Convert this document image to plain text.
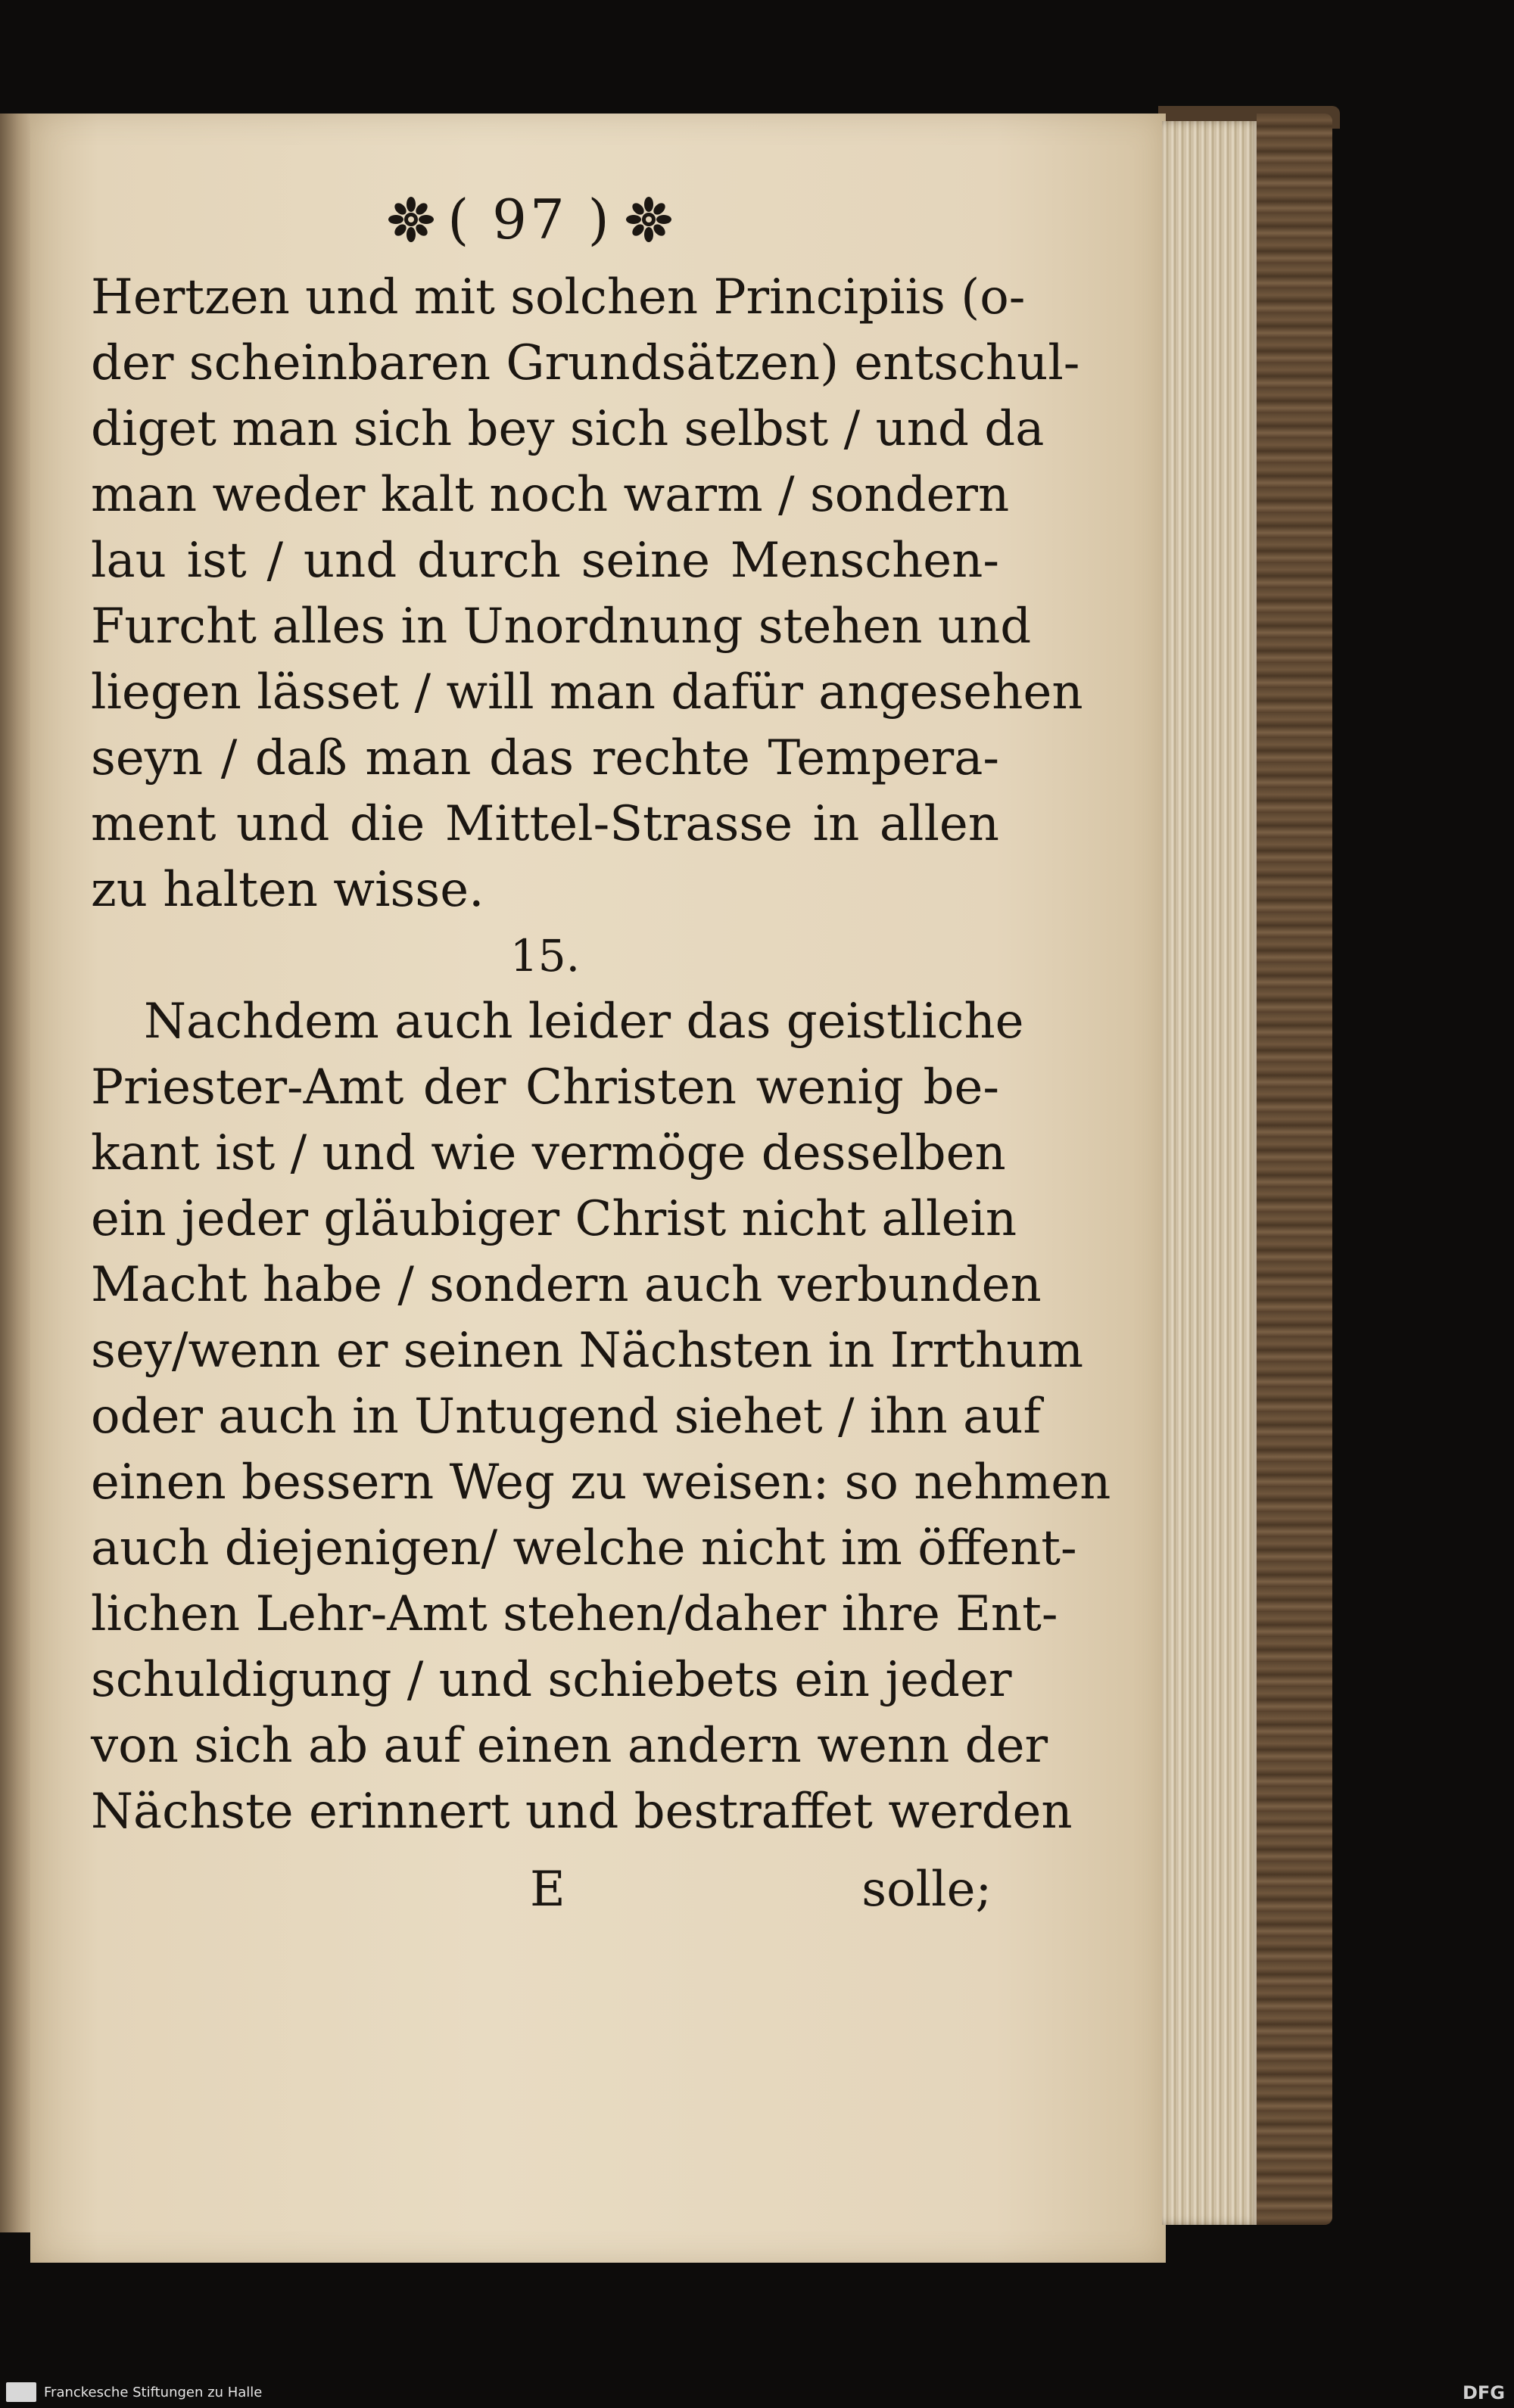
( 97 )
Hertzen und mit solchen Principiis (o-
der scheinbaren Grundsätzen) entschul-
diget man sich bey sich selbst / und da
man weder kalt noch warm / sondern
lau ist / und durch seine Menschen-
Furcht alles in Unordnung stehen und
liegen lässet / will man dafür angesehen
seyn / daß man das rechte Tempera-
ment und die Mittel-Strasse in allen
zu halten wisse.
15.
Nachdem auch leider das geistliche
Priester-Amt der Christen wenig be-
kant ist / und wie vermöge desselben
ein jeder gläubiger Christ nicht allein
Macht habe / sondern auch verbunden
sey/wenn er seinen Nächsten in Irrthum
oder auch in Untugend siehet / ihn auf
einen bessern Weg zu weisen: so nehmen
auch diejenigen/ welche nicht im öffent-
lichen Lehr-Amt stehen/daher ihre Ent-
schuldigung / und schiebets ein jeder
von sich ab auf einen andern wenn der
Nächste erinnert und bestraffet werden
E	solle;
Franckesche Stiftungen zu Halle	DFG
